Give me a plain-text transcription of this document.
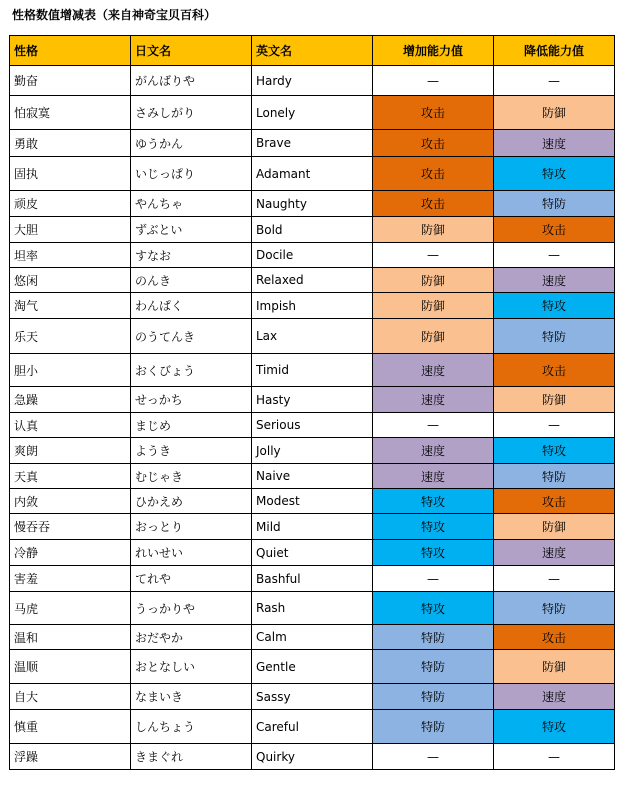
性格数值增减表（来自神奇宝贝百科）
性格	日文名	英文名	增加能力值	降低能力值
勤奋	がんばりや	Hardy	—	—
怕寂寞	さみしがり	Lonely	攻击	防御
勇敢	ゆうかん	Brave	攻击	速度
固执	いじっぱり	Adamant	攻击	特攻
顽皮	やんちゃ	Naughty	攻击	特防
大胆	ずぶとい	Bold	防御	攻击
坦率	すなお	Docile	—	—
悠闲	のんき	Relaxed	防御	速度
淘气	わんぱく	Impish	防御	特攻
乐天	のうてんき	Lax	防御	特防
胆小	おくびょう	Timid	速度	攻击
急躁	せっかち	Hasty	速度	防御
认真	まじめ	Serious	—	—
爽朗	ようき	Jolly	速度	特攻
天真	むじゃき	Naive	速度	特防
内敛	ひかえめ	Modest	特攻	攻击
慢吞吞	おっとり	Mild	特攻	防御
冷静	れいせい	Quiet	特攻	速度
害羞	てれや	Bashful	—	—
马虎	うっかりや	Rash	特攻	特防
温和	おだやか	Calm	特防	攻击
温顺	おとなしい	Gentle	特防	防御
自大	なまいき	Sassy	特防	速度
慎重	しんちょう	Careful	特防	特攻
浮躁	きまぐれ	Quirky	—	—
